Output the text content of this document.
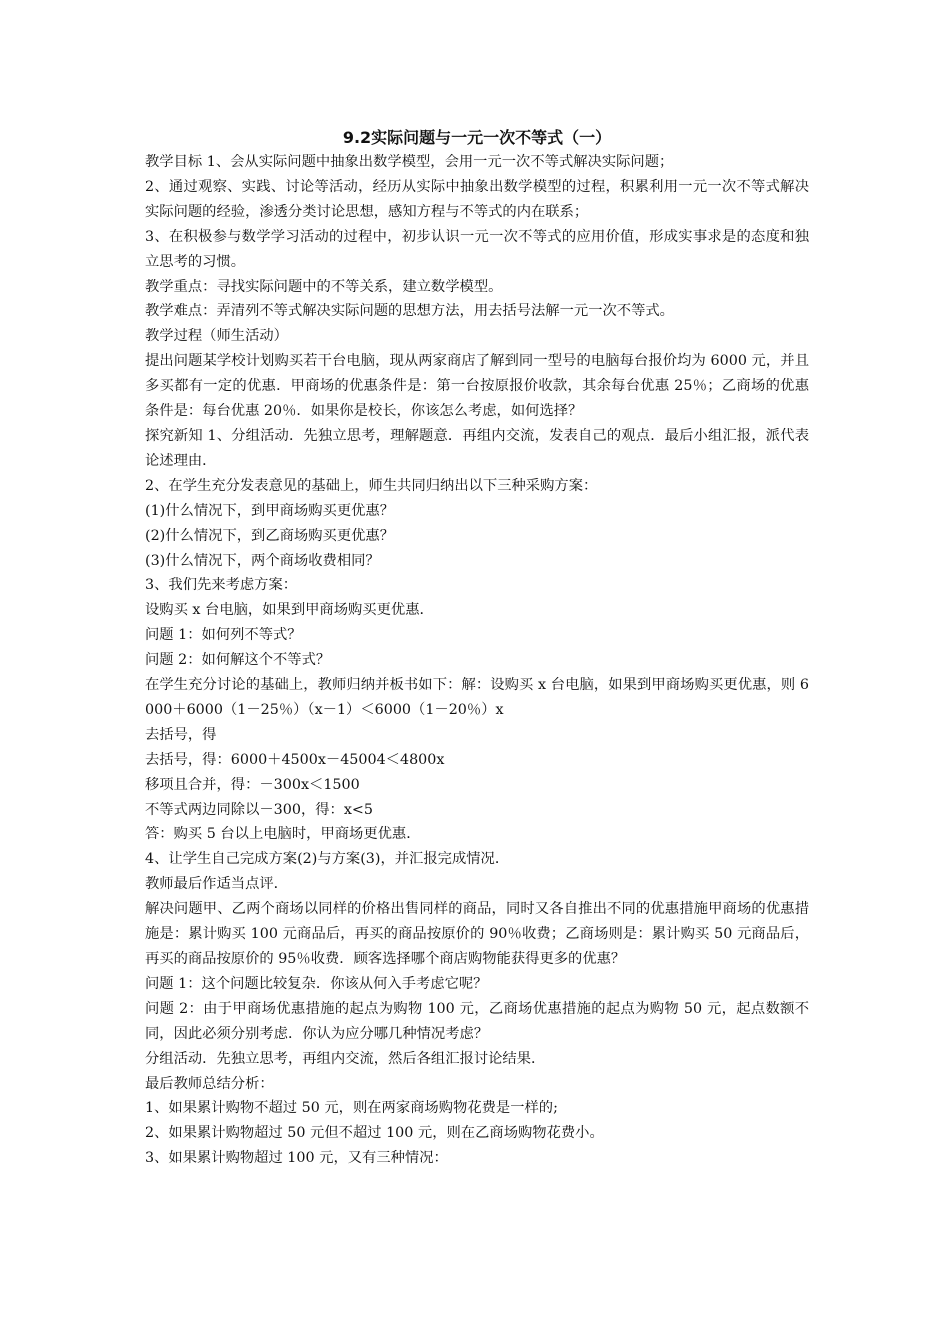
9.2实际问题与一元一次不等式（一）

教学目标 1、会从实际问题中抽象出数学模型，会用一元一次不等式解决实际问题；

2、通过观察、实践、讨论等活动，经历从实际中抽象出数学模型的过程，积累利用一元一次不等式解决实际问题的经验，渗透分类讨论思想，感知方程与不等式的内在联系；

3、在积极参与数学学习活动的过程中，初步认识一元一次不等式的应用价值，形成实事求是的态度和独立思考的习惯。

教学重点：寻找实际问题中的不等关系，建立数学模型。

教学难点：弄清列不等式解决实际问题的思想方法，用去括号法解一元一次不等式。

教学过程（师生活动）

提出问题某学校计划购买若干台电脑，现从两家商店了解到同一型号的电脑每台报价均为 6000 元，并且多买都有一定的优惠．甲商场的优惠条件是：第一台按原报价收款，其余每台优惠 25％；乙商场的优惠条件是：每台优惠 20％．如果你是校长，你该怎么考虑，如何选择？

探究新知 1、分组活动．先独立思考，理解题意．再组内交流，发表自己的观点．最后小组汇报，派代表论述理由．

2、在学生充分发表意见的基础上，师生共同归纳出以下三种采购方案：

(1)什么情况下，到甲商场购买更优惠？

(2)什么情况下，到乙商场购买更优惠？

(3)什么情况下，两个商场收费相同？

3、我们先来考虑方案：

设购买 x 台电脑，如果到甲商场购买更优惠．

问题 1：如何列不等式？

问题 2：如何解这个不等式？

在学生充分讨论的基础上，教师归纳并板书如下：解：设购买 x 台电脑，如果到甲商场购买更优惠，则 6000＋6000（1－25％）（x－1）＜6000（1－20％）x

去括号，得

去括号，得：6000＋4500x－45004＜4800x

移项且合并，得：－300x＜1500

不等式两边同除以－300，得：x<5

答：购买 5 台以上电脑时，甲商场更优惠．

4、让学生自己完成方案(2)与方案(3)，并汇报完成情况．

教师最后作适当点评．

解决问题甲、乙两个商场以同样的价格出售同样的商品，同时又各自推出不同的优惠措施甲商场的优惠措施是：累计购买 100 元商品后，再买的商品按原价的 90％收费；乙商场则是：累计购买 50 元商品后，再买的商品按原价的 95％收费．顾客选择哪个商店购物能获得更多的优惠？

问题 1：这个问题比较复杂．你该从何入手考虑它呢？

问题 2：由于甲商场优惠措施的起点为购物 100 元，乙商场优惠措施的起点为购物 50 元，起点数额不同，因此必须分别考虑．你认为应分哪几种情况考虑？

分组活动．先独立思考，再组内交流，然后各组汇报讨论结果．

最后教师总结分析：

1、如果累计购物不超过 50 元，则在两家商场购物花费是一样的;

2、如果累计购物超过 50 元但不超过 100 元，则在乙商场购物花费小。

3、如果累计购物超过 100 元，又有三种情况：
